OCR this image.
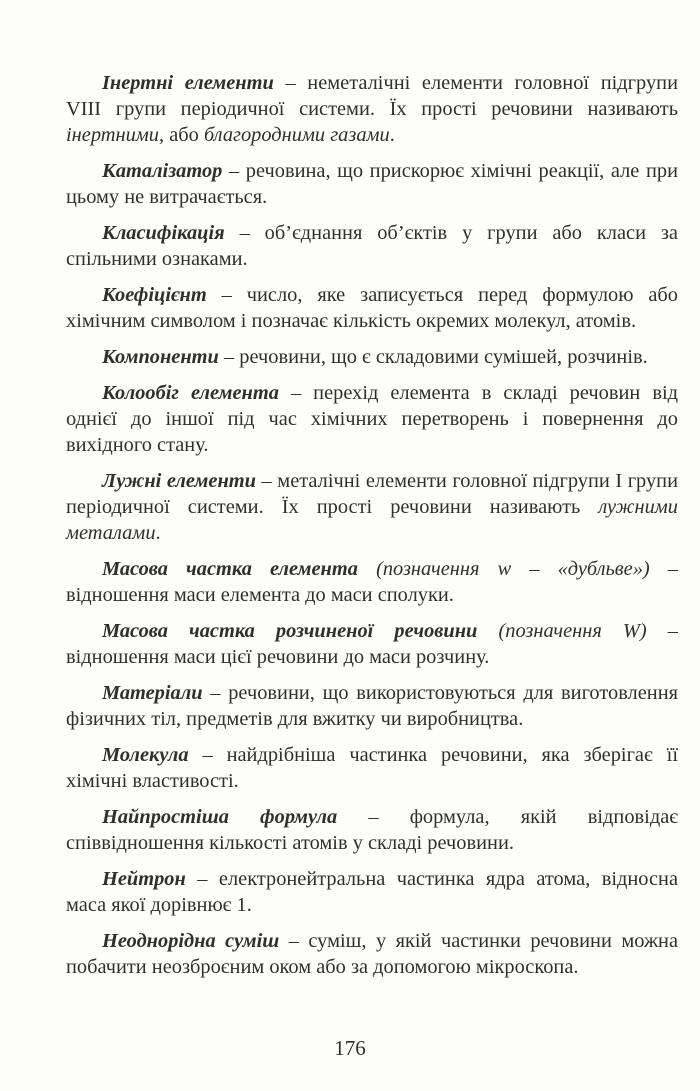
Інертні елементи – неметалічні елементи головної підгрупи VIII групи періодичної системи. Їх прості речовини називають інертними, або благородними газами.

Каталізатор – речовина, що прискорює хімічні реакції, але при цьому не витрачається.

Класифікація – об’єднання об’єктів у групи або класи за спільними ознаками.

Коефіцієнт – число, яке записується перед формулою або хімічним символом і позначає кількість окремих молекул, атомів.

Компоненти – речовини, що є складовими сумішей, розчинів.

Колообіг елемента – перехід елемента в складі речовин від однієї до іншої під час хімічних перетворень і повернення до вихідного стану.

Лужні елементи – металічні елементи головної підгрупи I групи періодичної системи. Їх прості речовини називають лужними металами.

Масова частка елемента (позначення w – «дубльве») – відношення маси елемента до маси сполуки.

Масова частка розчиненої речовини (позначення W) – відношення маси цієї речовини до маси розчину.

Матеріали – речовини, що використовуються для виготовлення фізичних тіл, предметів для вжитку чи виробництва.

Молекула – найдрібніша частинка речовини, яка зберігає її хімічні властивості.

Найпростіша формула – формула, якій відповідає співвідношення кількості атомів у складі речовини.

Нейтрон – електронейтральна частинка ядра атома, відносна маса якої дорівнює 1.

Неоднорідна суміш – суміш, у якій частинки речовини можна побачити неозброєним оком або за допомогою мікроскопа.

176
